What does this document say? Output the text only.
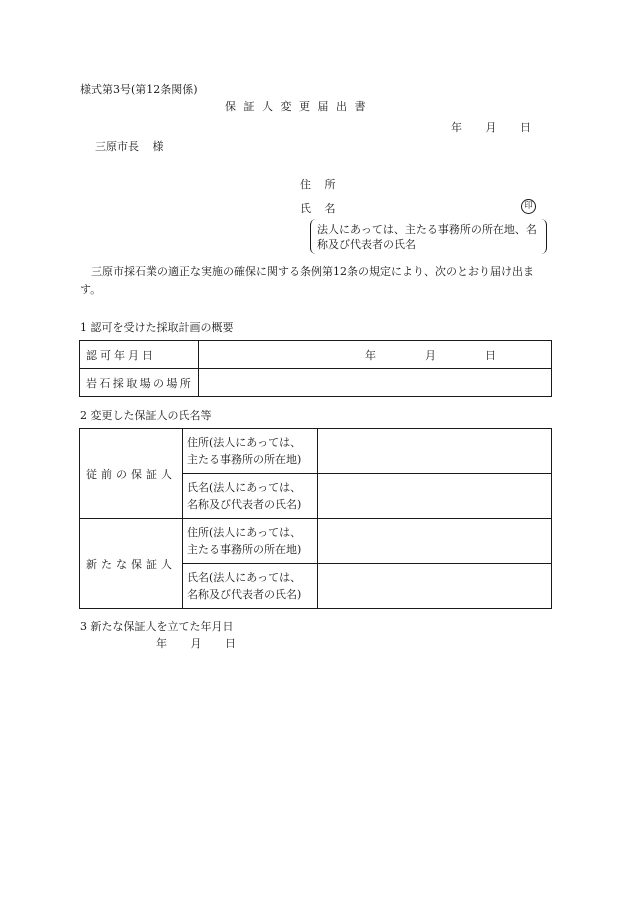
様式第3号(第12条関係)
保証人変更届出書
年 月 日
三原市長 様
住 所
氏 名	印
法人にあっては、主たる事務所の所在地、名
称及び代表者の氏名
三原市採石業の適正な実施の確保に関する条例第12条の規定により、次のとおり届け出ます。
1 認可を受けた採取計画の概要
認可年月日	年 月 日
岩石採取場の場所	
2 変更した保証人の氏名等
従前の保証人	住所(法人にあっては、
主たる事務所の所在地)	

	氏名(法人にあっては、
名称及び代表者の氏名)	

新たな保証人	住所(法人にあっては、
主たる事務所の所在地)	

	氏名(法人にあっては、
名称及び代表者の氏名)	

3 新たな保証人を立てた年月日
年 月 日
